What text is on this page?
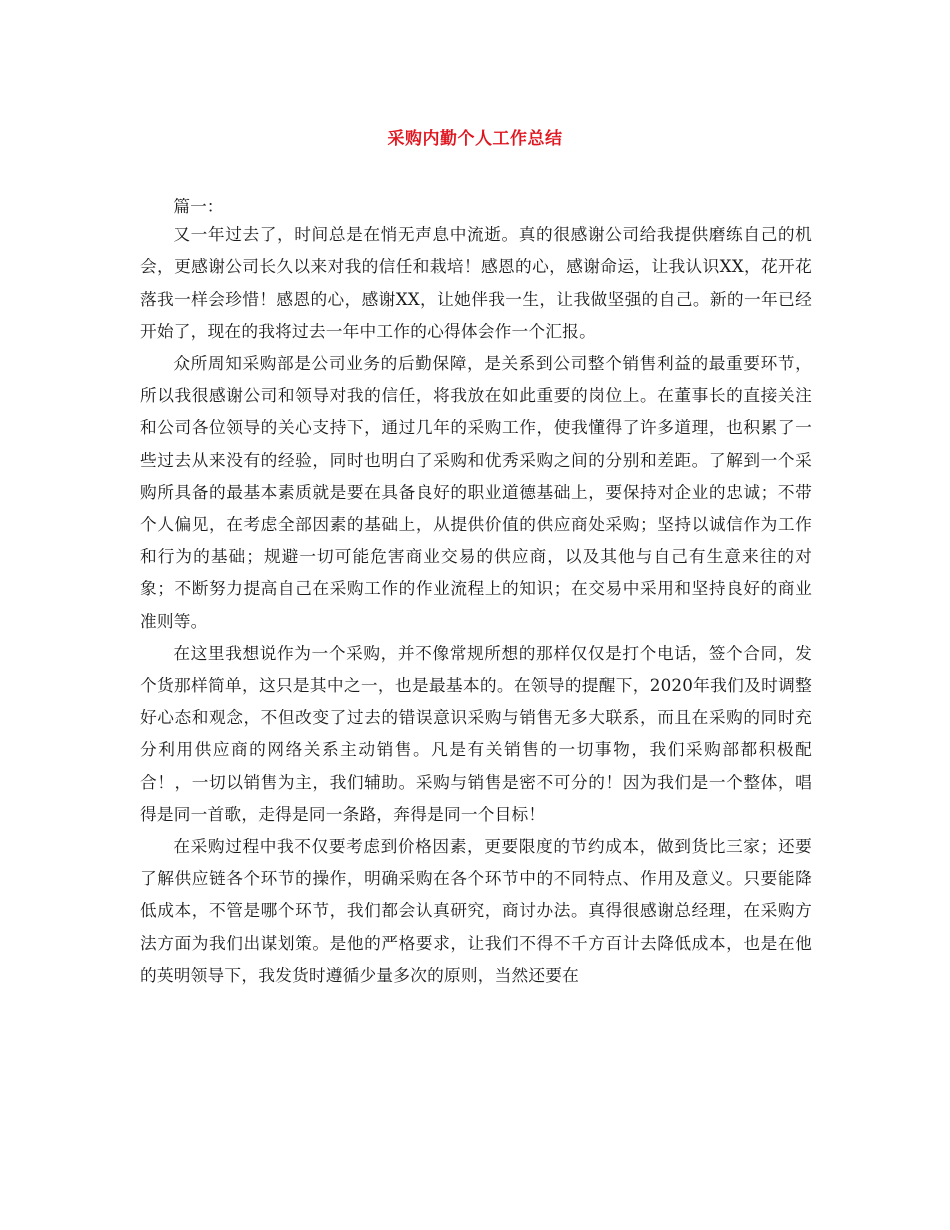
采购内勤个人工作总结

篇一：

又一年过去了，时间总是在悄无声息中流逝。真的很感谢公司给我提供磨练自己的机会，更感谢公司长久以来对我的信任和栽培！感恩的心，感谢命运，让我认识XX，花开花落我一样会珍惜！感恩的心，感谢XX，让她伴我一生，让我做坚强的自己。新的一年已经开始了，现在的我将过去一年中工作的心得体会作一个汇报。

众所周知采购部是公司业务的后勤保障，是关系到公司整个销售利益的最重要环节，所以我很感谢公司和领导对我的信任，将我放在如此重要的岗位上。在董事长的直接关注和公司各位领导的关心支持下，通过几年的采购工作，使我懂得了许多道理，也积累了一些过去从来没有的经验，同时也明白了采购和优秀采购之间的分别和差距。了解到一个采购所具备的最基本素质就是要在具备良好的职业道德基础上，要保持对企业的忠诚；不带个人偏见，在考虑全部因素的基础上，从提供价值的供应商处采购；坚持以诚信作为工作和行为的基础；规避一切可能危害商业交易的供应商，以及其他与自己有生意来往的对象；不断努力提高自己在采购工作的作业流程上的知识；在交易中采用和坚持良好的商业准则等。

在这里我想说作为一个采购，并不像常规所想的那样仅仅是打个电话，签个合同，发个货那样简单，这只是其中之一，也是最基本的。在领导的提醒下，2020年我们及时调整好心态和观念，不但改变了过去的错误意识采购与销售无多大联系，而且在采购的同时充分利用供应商的网络关系主动销售。凡是有关销售的一切事物，我们采购部都积极配合！，一切以销售为主，我们辅助。采购与销售是密不可分的！因为我们是一个整体，唱得是同一首歌，走得是同一条路，奔得是同一个目标！

在采购过程中我不仅要考虑到价格因素，更要限度的节约成本，做到货比三家；还要了解供应链各个环节的操作，明确采购在各个环节中的不同特点、作用及意义。只要能降低成本，不管是哪个环节，我们都会认真研究，商讨办法。真得很感谢总经理，在采购方法方面为我们出谋划策。是他的严格要求，让我们不得不千方百计去降低成本，也是在他的英明领导下，我发货时遵循少量多次的原则，当然还要在
